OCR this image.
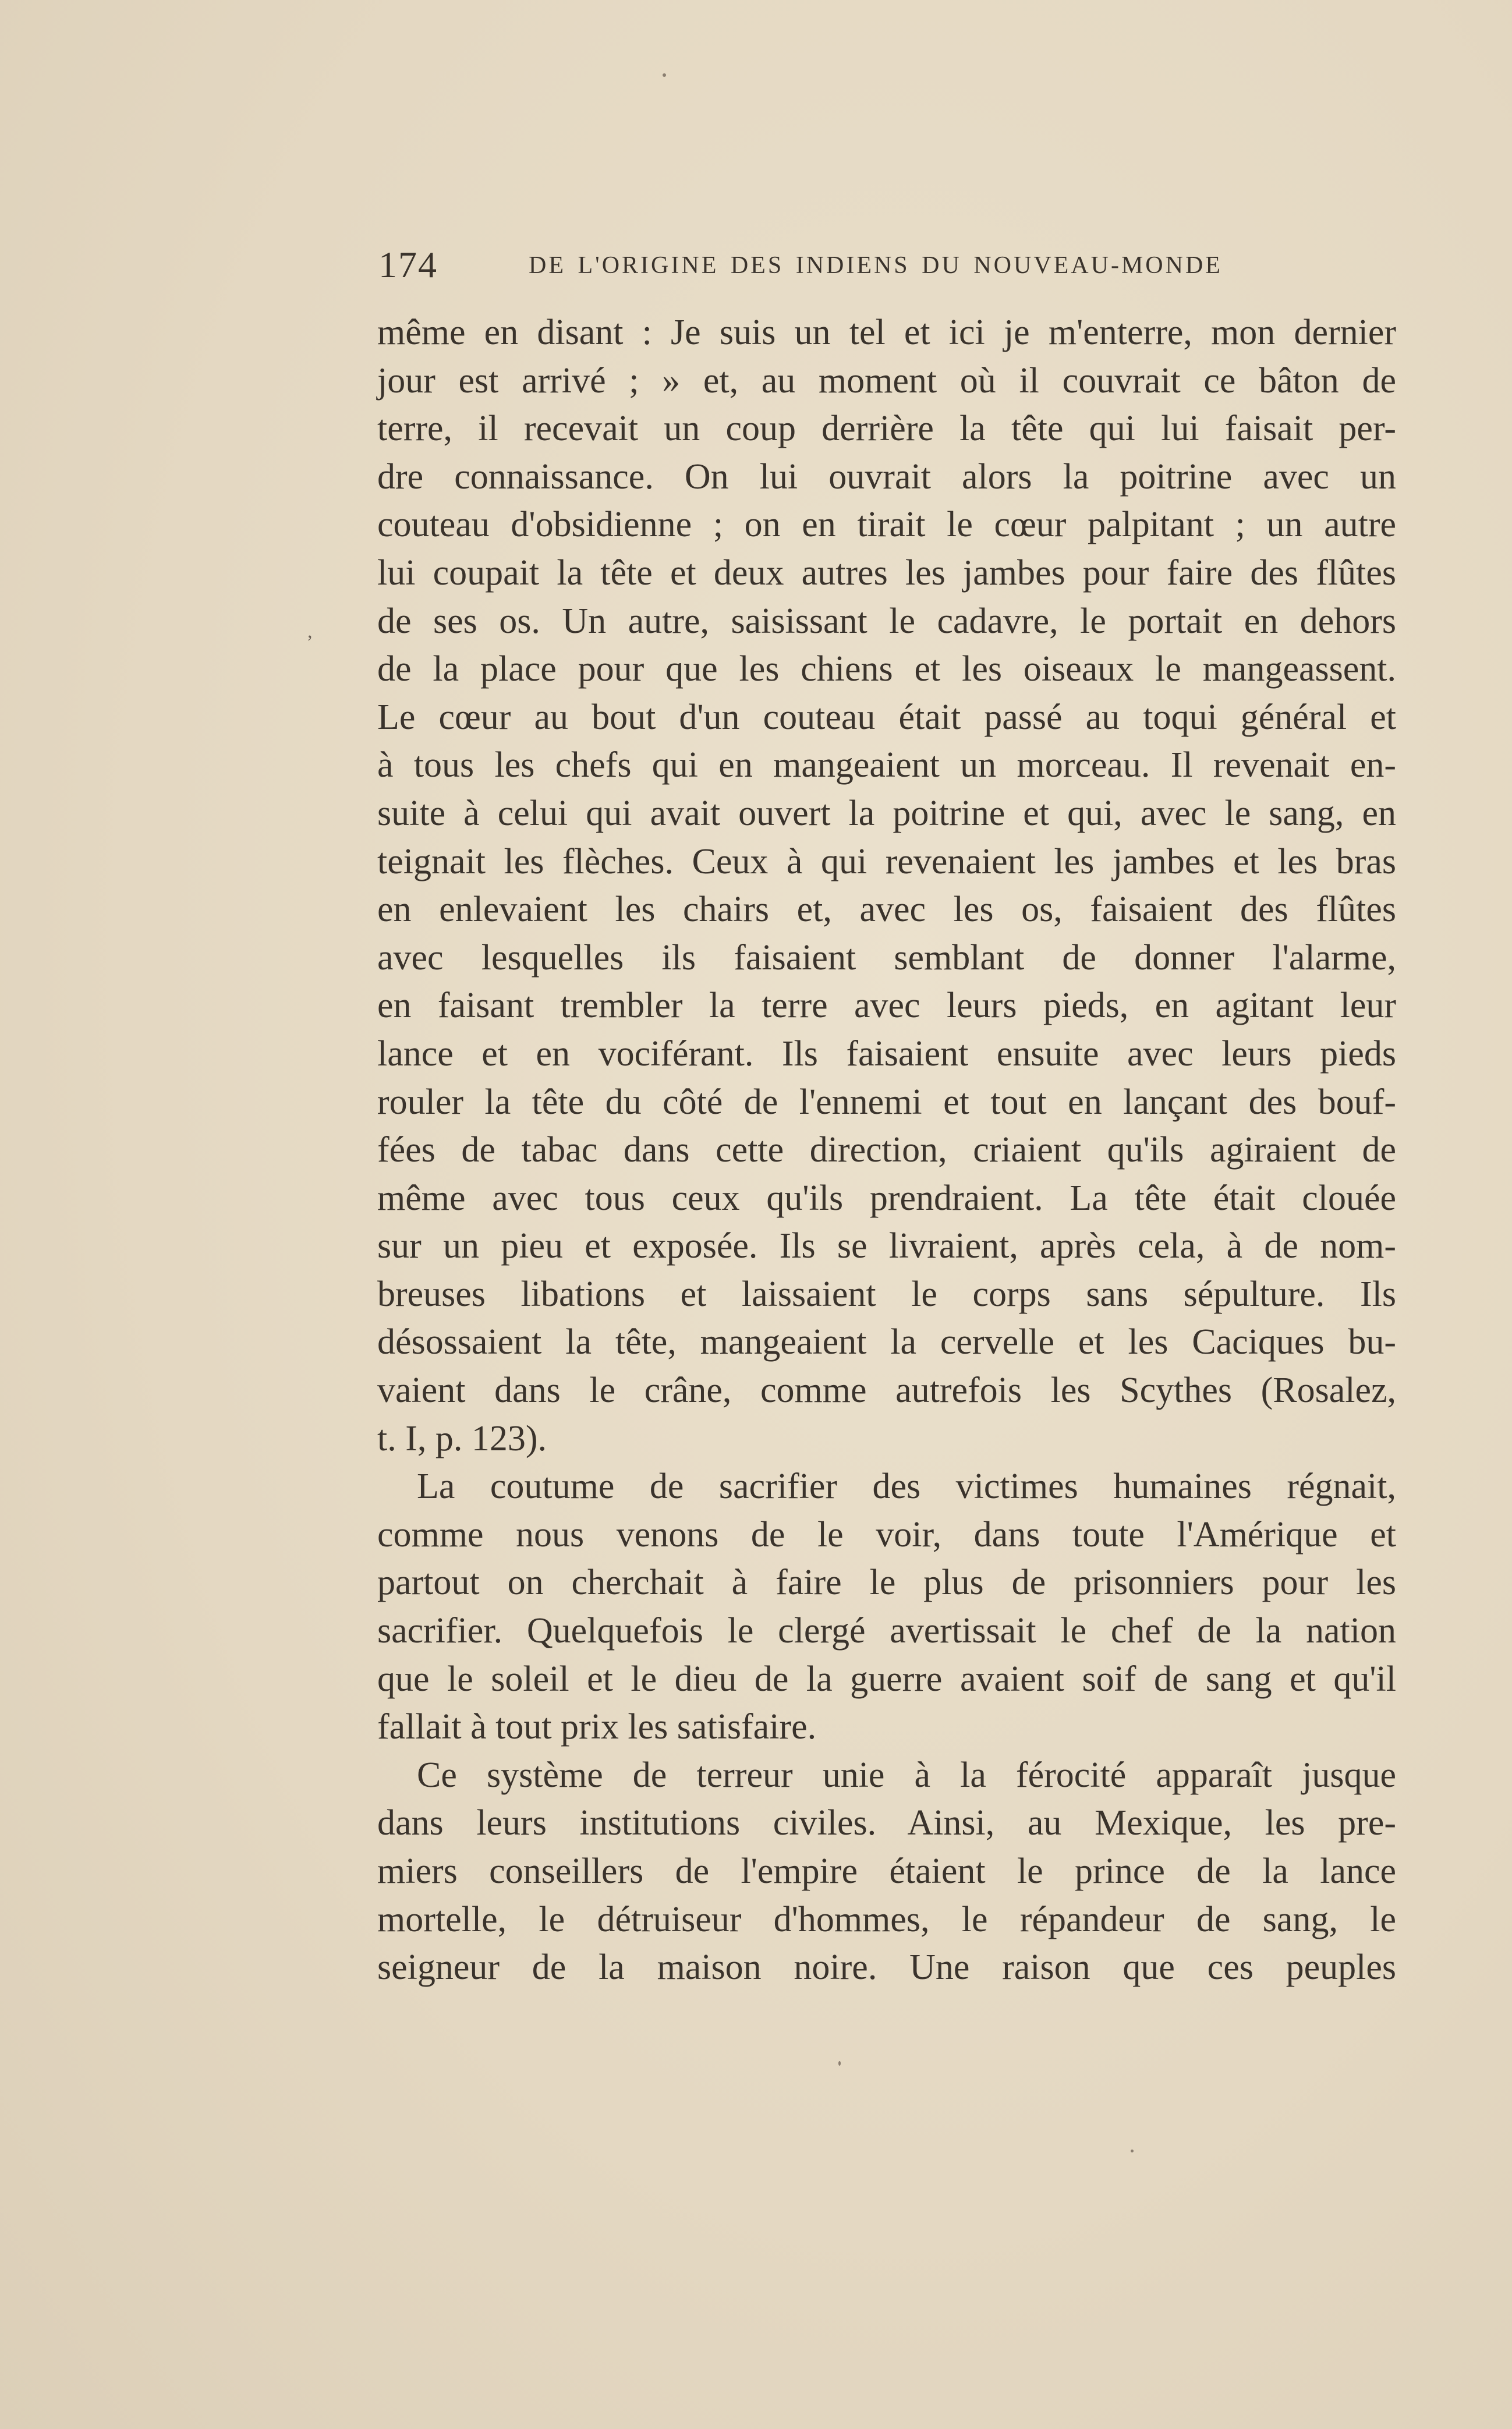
174	DE L'ORIGINE DES INDIENS DU NOUVEAU-MONDE
,
même en disant : Je suis un tel et ici je m'enterre, mon dernier
jour est arrivé ; » et, au moment où il couvrait ce bâton de
terre, il recevait un coup derrière la tête qui lui faisait per-
dre connaissance. On lui ouvrait alors la poitrine avec un
couteau d'obsidienne ; on en tirait le cœur palpitant ; un autre
lui coupait la tête et deux autres les jambes pour faire des flûtes
de ses os. Un autre, saisissant le cadavre, le portait en dehors
de la place pour que les chiens et les oiseaux le mangeassent.
Le cœur au bout d'un couteau était passé au toqui général et
à tous les chefs qui en mangeaient un morceau. Il revenait en-
suite à celui qui avait ouvert la poitrine et qui, avec le sang, en
teignait les flèches. Ceux à qui revenaient les jambes et les bras
en enlevaient les chairs et, avec les os, faisaient des flûtes
avec lesquelles ils faisaient semblant de donner l'alarme,
en faisant trembler la terre avec leurs pieds, en agitant leur
lance et en vociférant. Ils faisaient ensuite avec leurs pieds
rouler la tête du côté de l'ennemi et tout en lançant des bouf-
fées de tabac dans cette direction, criaient qu'ils agiraient de
même avec tous ceux qu'ils prendraient. La tête était clouée
sur un pieu et exposée. Ils se livraient, après cela, à de nom-
breuses libations et laissaient le corps sans sépulture. Ils
désossaient la tête, mangeaient la cervelle et les Caciques bu-
vaient dans le crâne, comme autrefois les Scythes (Rosalez,
t. I, p. 123).
La coutume de sacrifier des victimes humaines régnait,
comme nous venons de le voir, dans toute l'Amérique et
partout on cherchait à faire le plus de prisonniers pour les
sacrifier. Quelquefois le clergé avertissait le chef de la nation
que le soleil et le dieu de la guerre avaient soif de sang et qu'il
fallait à tout prix les satisfaire.
Ce système de terreur unie à la férocité apparaît jusque
dans leurs institutions civiles. Ainsi, au Mexique, les pre-
miers conseillers de l'empire étaient le prince de la lance
mortelle, le détruiseur d'hommes, le répandeur de sang, le
seigneur de la maison noire. Une raison que ces peuples
